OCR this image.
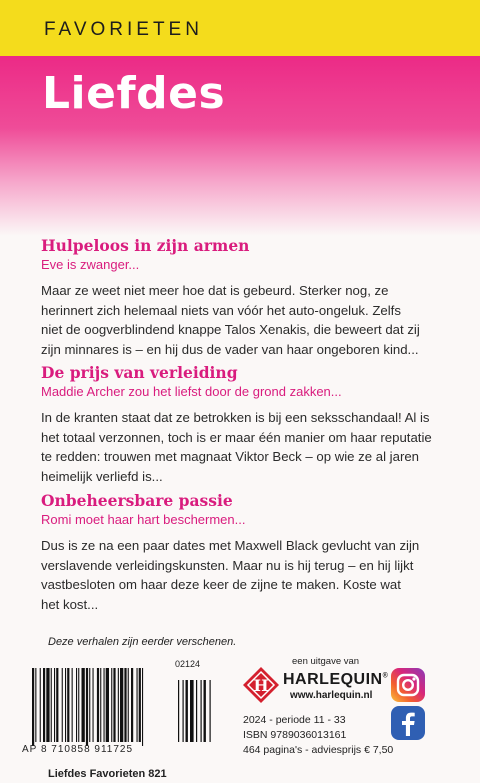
FAVORIETEN
Liefdes
Hulpeloos in zijn armen
Eve is zwanger...
Maar ze weet niet meer hoe dat is gebeurd. Sterker nog, ze
herinnert zich helemaal niets van vóór het auto-ongeluk. Zelfs
niet de oogverblindend knappe Talos Xenakis, die beweert dat zij
zijn minnares is – en hij dus de vader van haar ongeboren kind...
De prijs van verleiding
Maddie Archer zou het liefst door de grond zakken...
In de kranten staat dat ze betrokken is bij een seksschandaal! Al is
het totaal verzonnen, toch is er maar één manier om haar reputatie
te redden: trouwen met magnaat Viktor Beck – op wie ze al jaren
heimelijk verliefd is...
Onbeheersbare passie
Romi moet haar hart beschermen...
Dus is ze na een paar dates met Maxwell Black gevlucht van zijn
verslavende verleidingskunsten. Maar nu is hij terug – en hij lijkt
vastbesloten om haar deze keer de zijne te maken. Koste wat
het kost...
Deze verhalen zijn eerder verschenen.
02124
AP 8 710858 911725
Liefdes Favorieten 821
een uitgave van
H HARLEQUIN®
www.harlequin.nl
2024 - periode 11 - 33
ISBN 9789036013161
464 pagina's - adviesprijs € 7,50
